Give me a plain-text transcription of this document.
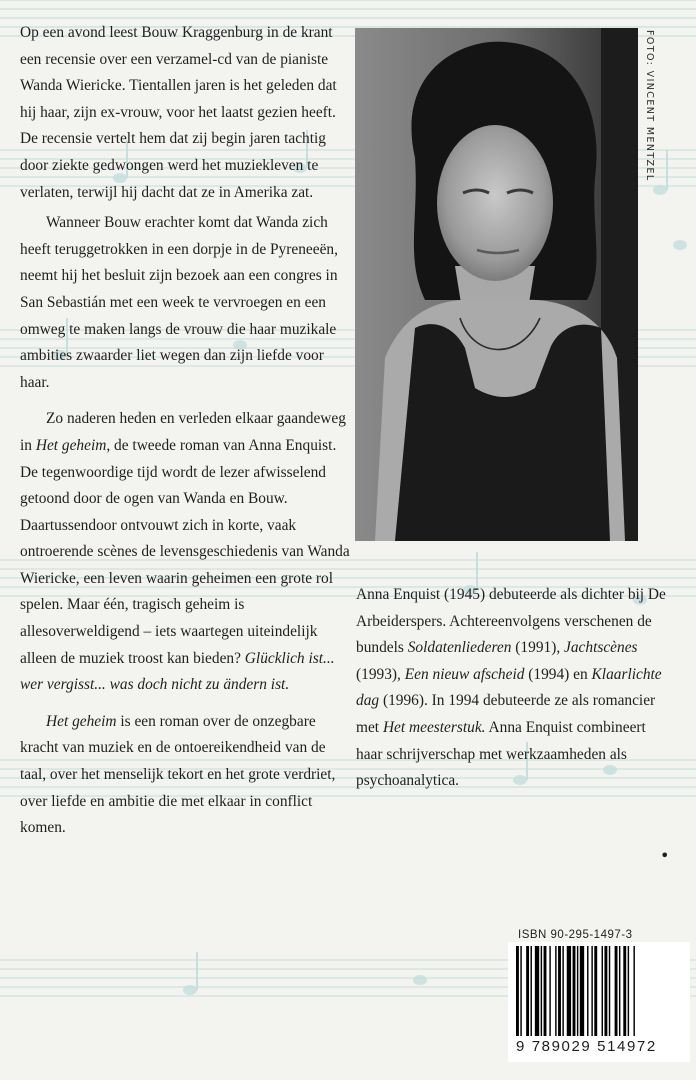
Op een avond leest Bouw Kraggenburg in de krant een recensie over een verzamel-cd van de pianiste Wanda Wiericke. Tientallen jaren is het geleden dat hij haar, zijn ex-vrouw, voor het laatst gezien heeft. De recensie vertelt hem dat zij begin jaren tachtig door ziekte gedwongen werd het muziekleven te verlaten, terwijl hij dacht dat ze in Amerika zat.

Wanneer Bouw erachter komt dat Wanda zich heeft teruggetrokken in een dorpje in de Pyreneeën, neemt hij het besluit zijn bezoek aan een congres in San Sebastián met een week te vervroegen en een omweg te maken langs de vrouw die haar muzikale ambities zwaarder liet wegen dan zijn liefde voor haar.

Zo naderen heden en verleden elkaar gaandeweg in Het geheim, de tweede roman van Anna Enquist. De tegenwoordige tijd wordt de lezer afwisselend getoond door de ogen van Wanda en Bouw. Daartussendoor ontvouwt zich in korte, vaak ontroerende scènes de levensgeschiedenis van Wanda Wiericke, een leven waarin geheimen een grote rol spelen. Maar één, tragisch geheim is allesoverweldigend – iets waartegen uiteindelijk alleen de muziek troost kan bieden? Glücklich ist... wer vergisst... was doch nicht zu ändern ist.

Het geheim is een roman over de onzegbare kracht van muziek en de ontoereikendheid van de taal, over het menselijk tekort en het grote verdriet, over liefde en ambitie die met elkaar in conflict komen.

FOTO: VINCENT MENTZEL

Anna Enquist (1945) debuteerde als dichter bij De Arbeiderspers. Achtereenvolgens verschenen de bundels Soldatenliederen (1991), Jachtscènes (1993), Een nieuw afscheid (1994) en Klaarlichte dag (1996). In 1994 debuteerde ze als romancier met Het meesterstuk. Anna Enquist combineert haar schrijverschap met werkzaamheden als psychoanalytica.

•
ISBN 90-295-1497-3
9 789029 514972
